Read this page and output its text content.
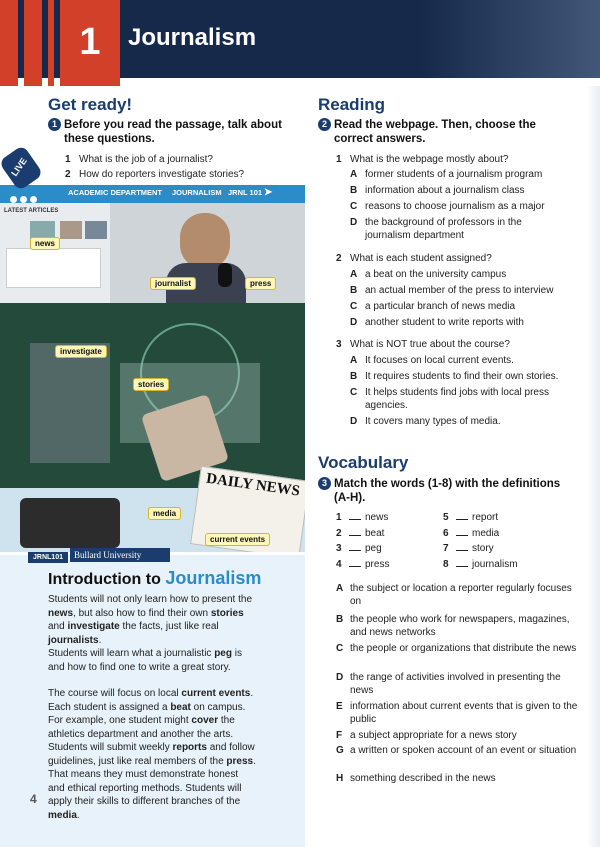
1	Journalism
Get ready!
1 Before you read the passage, talk about
these questions.
1 What is the job of a journalist?
2 How do reporters investigate stories?
ACADEMIC DEPARTMENT JOURNALISM JRNL 101 ➤
LATEST ARTICLES
DAILY NEWS
news
journalist	press
investigate
stories
media
current events
LIVE
JRNL101	Bullard University
Introduction to Journalism
Students will not only learn how to present the news, but also how to find their own stories and investigate the facts, just like real journalists.
Students will learn what a journalistic peg is and how to find one to write a great story.
The course will focus on local current events. Each student is assigned a beat on campus. For example, one student might cover the athletics department and another the arts. Students will submit weekly reports and follow guidelines, just like real members of the press. That means they must demonstrate honest and ethical reporting methods. Students will apply their skills to different branches of the media.
4
Reading
2 Read the webpage. Then, choose the
correct answers.
1 What is the webpage mostly about?
A former students of a journalism program
B information about a journalism class
C reasons to choose journalism as a major
D the background of professors in the
journalism department
2 What is each student assigned?
A a beat on the university campus
B an actual member of the press to interview
C a particular branch of news media
D another student to write reports with
3 What is NOT true about the course?
A It focuses on local current events.
B It requires students to find their own stories.
C It helps students find jobs with local press
agencies.
D It covers many types of media.
Vocabulary
3 Match the words (1-8) with the definitions
(A-H).
1 news	5 report
2 beat	6 media
3 peg	7 story
4 press	8 journalism
A the subject or location a reporter regularly focuses on
B the people who work for newspapers, magazines, and news networks
C the people or organizations that distribute the news
D the range of activities involved in presenting the news
E information about current events that is given to the public
F a subject appropriate for a news story
G a written or spoken account of an event or situation
H something described in the news
